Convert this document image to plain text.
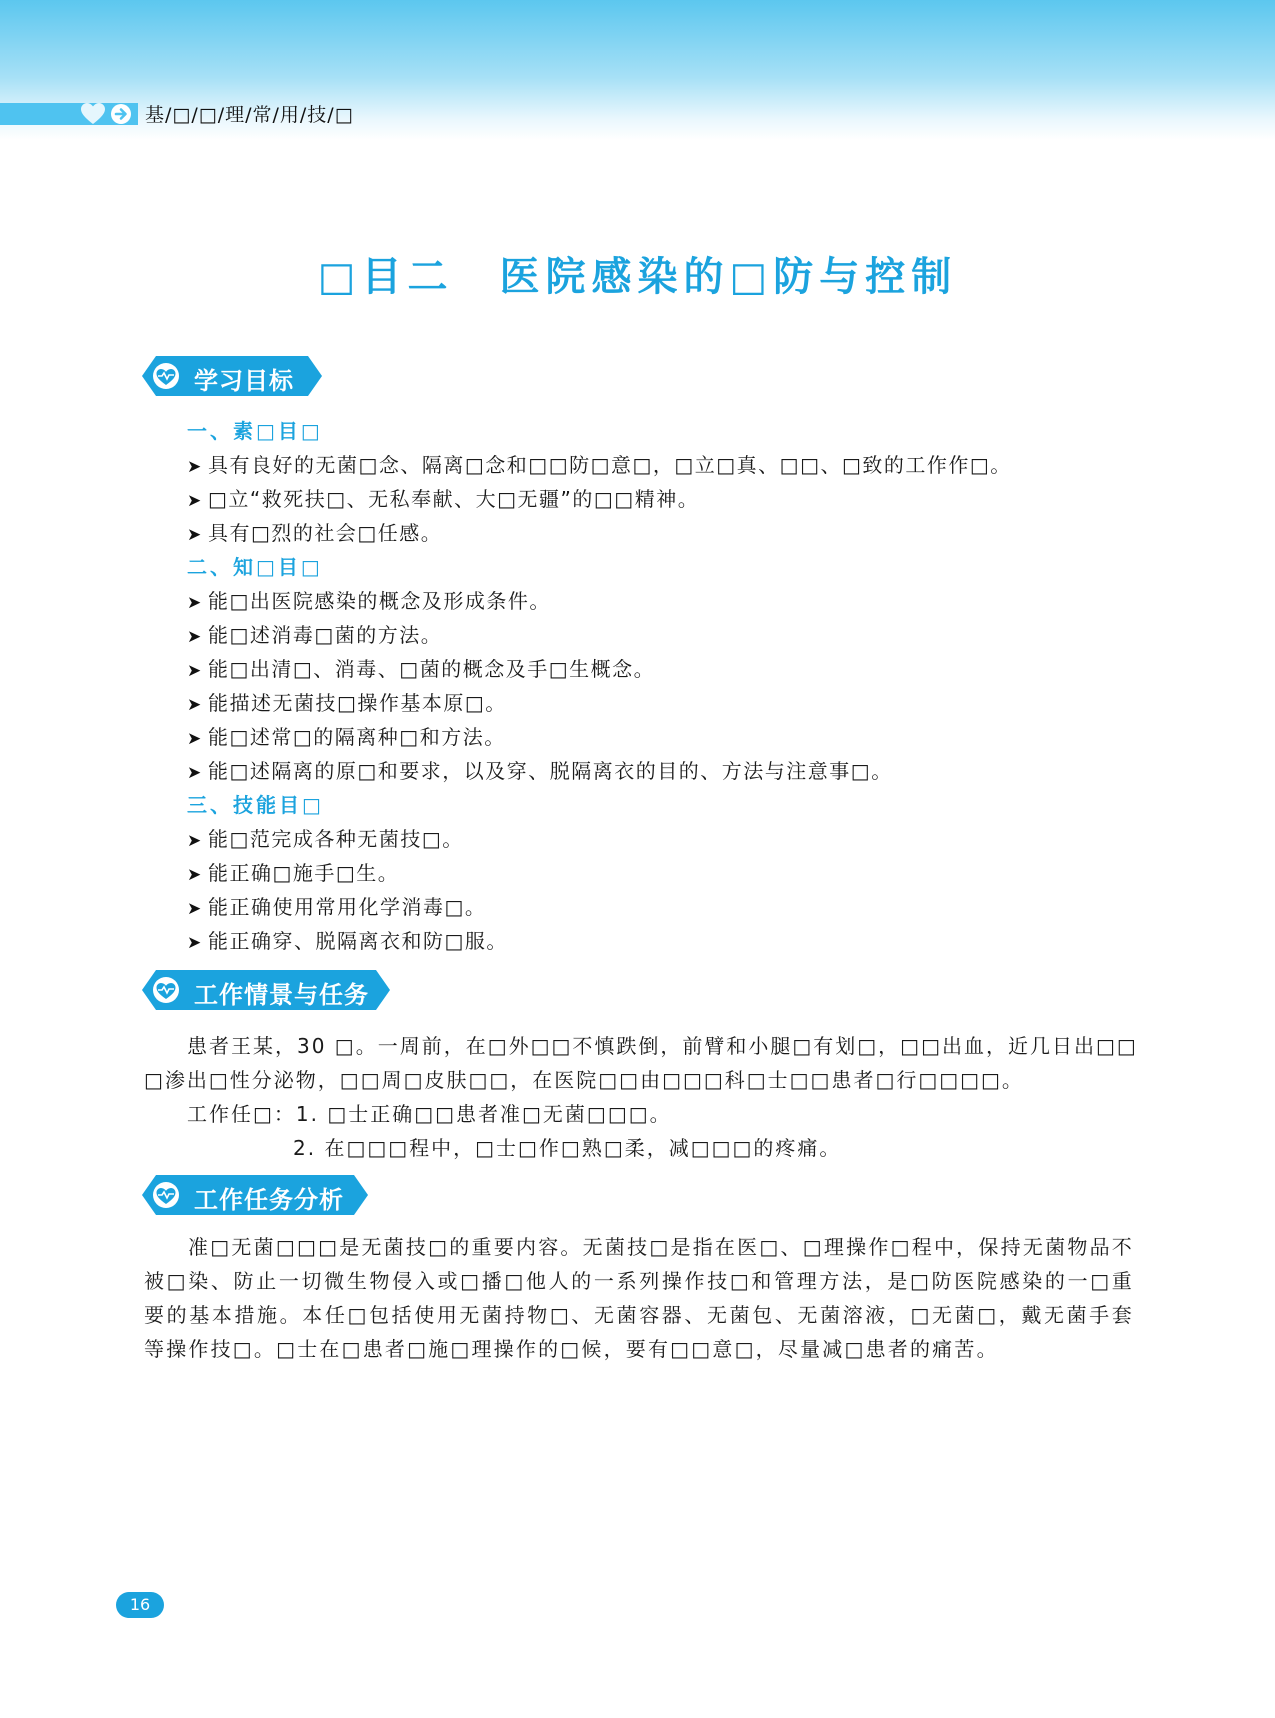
基/□/□/理/常/用/技/□
□目二　医院感染的□防与控制
学习目标
一、素□目□
➤ 具有良好的无菌□念、隔离□念和□□防□意□，□立□真、□□、□致的工作作□。
➤ □立“救死扶□、无私奉献、大□无疆”的□□精神。
➤ 具有□烈的社会□任感。
二、知□目□
➤ 能□出医院感染的概念及形成条件。
➤ 能□述消毒□菌的方法。
➤ 能□出清□、消毒、□菌的概念及手□生概念。
➤ 能描述无菌技□操作基本原□。
➤ 能□述常□的隔离种□和方法。
➤ 能□述隔离的原□和要求，以及穿、脱隔离衣的目的、方法与注意事□。
三、技能目□
➤ 能□范完成各种无菌技□。
➤ 能正确□施手□生。
➤ 能正确使用常用化学消毒□。
➤ 能正确穿、脱隔离衣和防□服。
工作情景与任务
患者王某，30 □。一周前，在□外□□不慎跌倒，前臂和小腿□有划□，□□出血，近几日出□□
□渗出□性分泌物，□□周□皮肤□□，在医院□□由□□□科□士□□患者□行□□□□。
工作任□：1. □士正确□□患者准□无菌□□□。
2. 在□□□程中，□士□作□熟□柔，减□□□的疼痛。
工作任务分析
准□无菌□□□是无菌技□的重要内容。无菌技□是指在医□、□理操作□程中，保持无菌物品不被□染、防止一切微生物侵入或□播□他人的一系列操作技□和管理方法，是□防医院感染的一□重要的基本措施。本任□包括使用无菌持物□、无菌容器、无菌包、无菌溶液，□无菌□，戴无菌手套等操作技□。□士在□患者□施□理操作的□候，要有□□意□，尽量减□患者的痛苦。
16
